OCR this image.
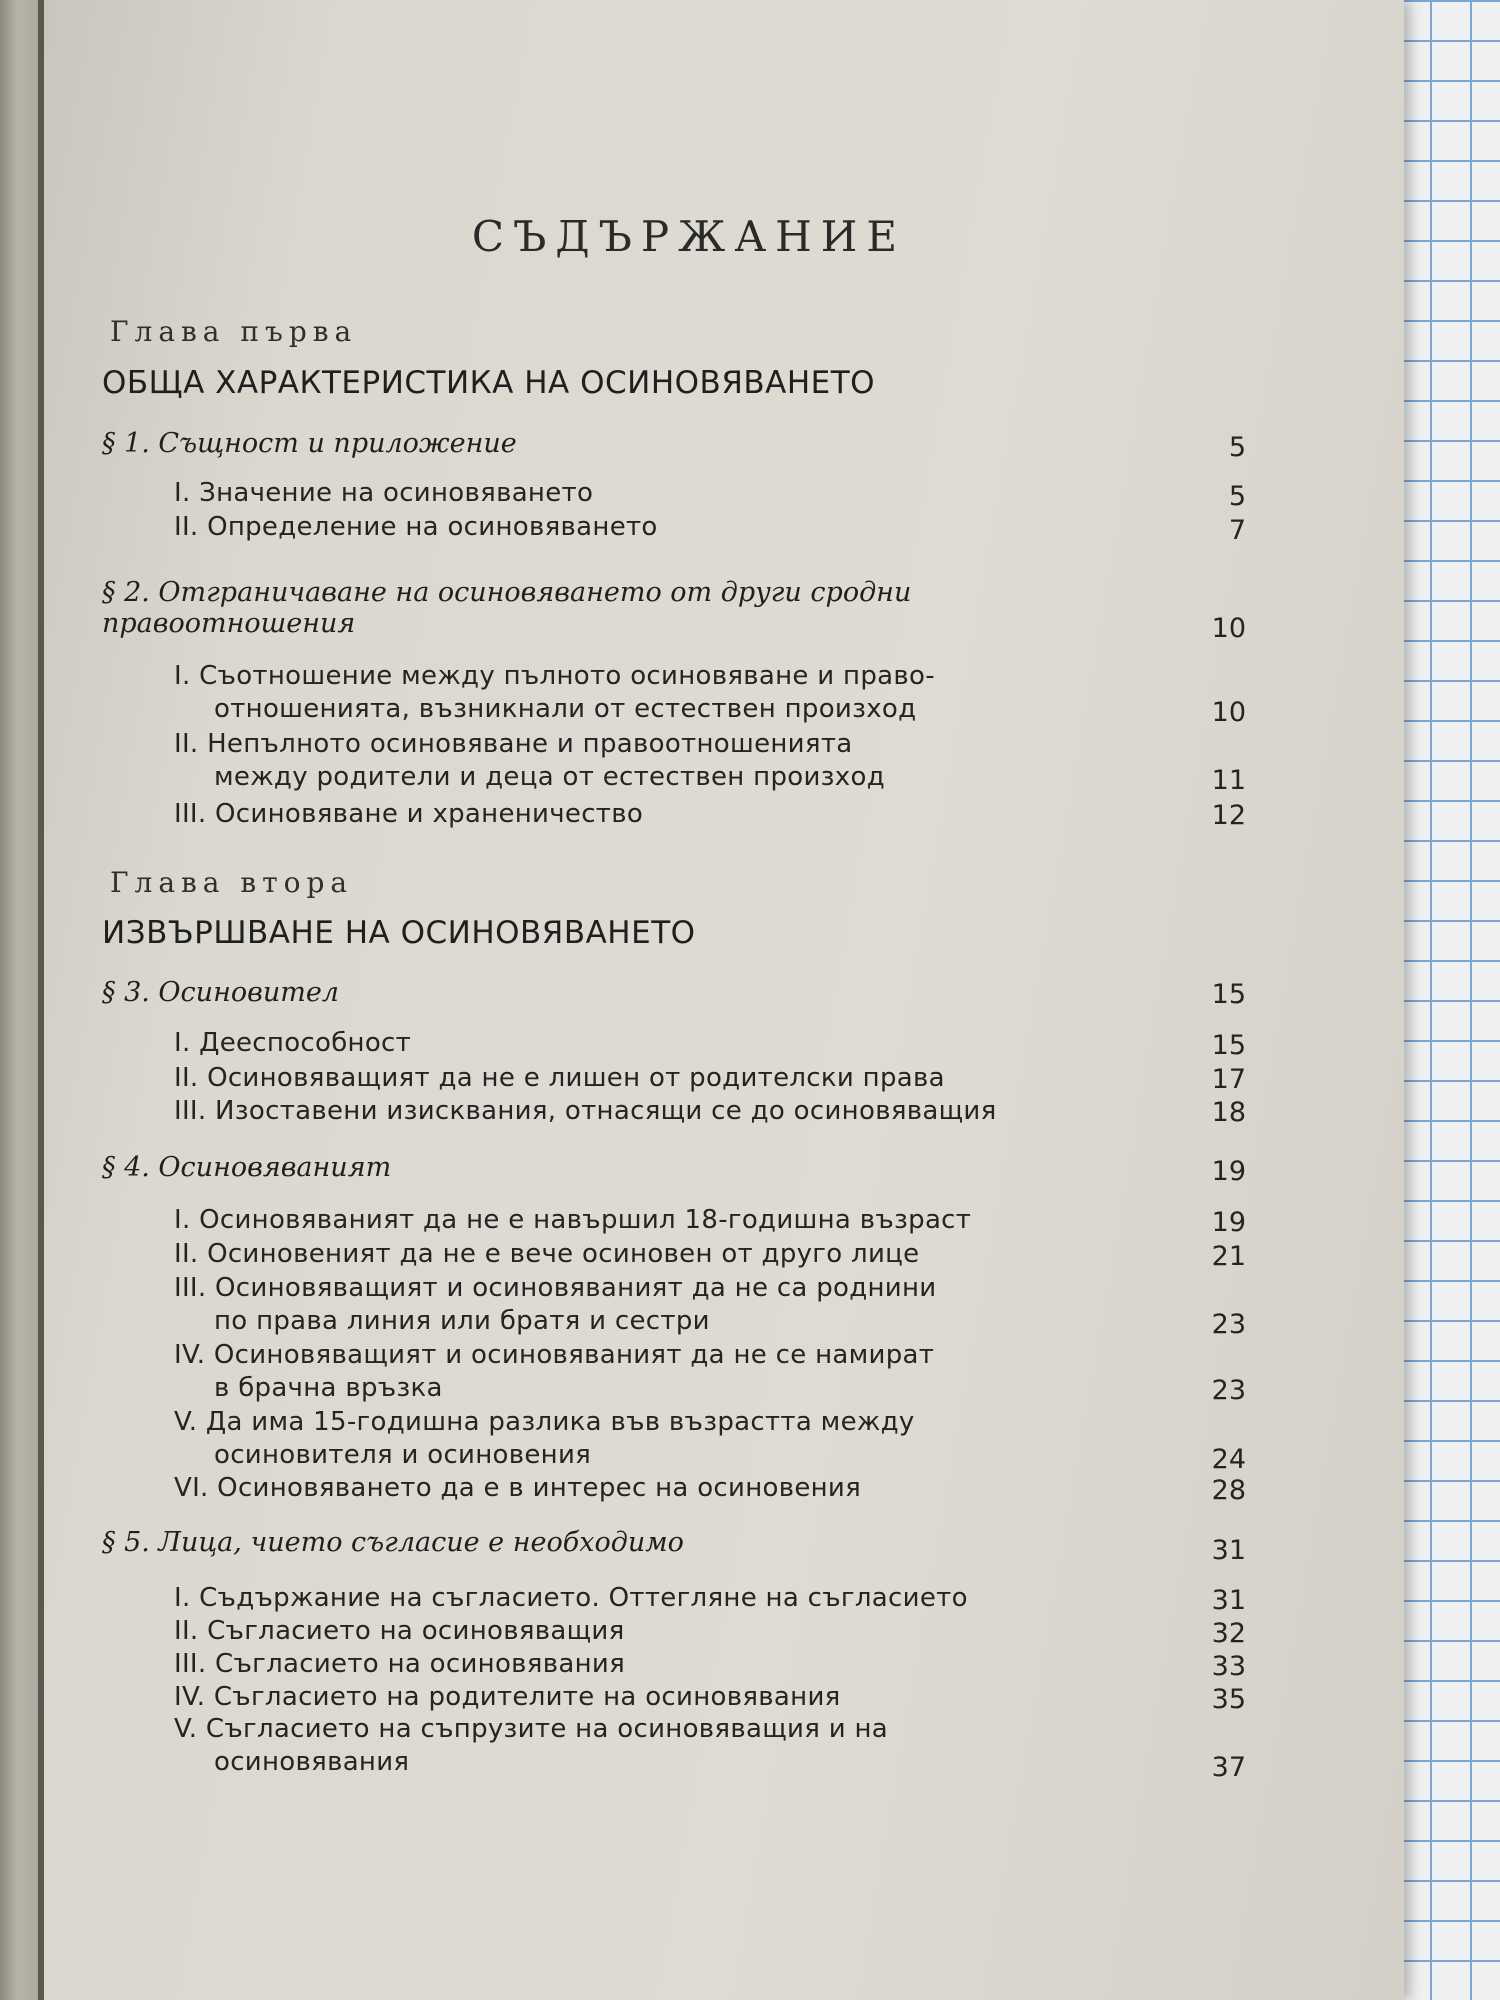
СЪДЪРЖАНИЕ
Глава първа
ОБЩА ХАРАКТЕРИСТИКА НА ОСИНОВЯВАНЕТО
§ 1. Същност и приложение	5
I. Значение на осиновяването	5
II. Определение на осиновяването	7
§ 2. Отграничаване на осиновяването от други сродни правоотношения	10
I. Съотношение между пълното осиновяване и право-
отношенията, възникнали от естествен произход	10
II. Непълното осиновяване и правоотношенията
между родители и деца от естествен произход	11
III. Осиновяване и храненичество	12
Глава втора
ИЗВЪРШВАНЕ НА ОСИНОВЯВАНЕТО
§ 3. Осиновител	15
I. Дееспособност	15
II. Осиновяващият да не е лишен от родителски права	17
III. Изоставени изисквания, отнасящи се до осиновяващия	18
§ 4. Осиновяваният	19
I. Осиновяваният да не е навършил 18-годишна възраст	19
II. Осиновеният да не е вече осиновен от друго лице	21
III. Осиновяващият и осиновяваният да не са роднини
по права линия или братя и сестри	23
IV. Осиновяващият и осиновяваният да не се намират
в брачна връзка	23
V. Да има 15-годишна разлика във възрастта между
осиновителя и осиновения	24
VI. Осиновяването да е в интерес на осиновения	28
§ 5. Лица, чието съгласие е необходимо	31
I. Съдържание на съгласието. Оттегляне на съгласието	31
II. Съгласието на осиновяващия	32
III. Съгласието на осиновявания	33
IV. Съгласието на родителите на осиновявания	35
V. Съгласието на съпрузите на осиновяващия и на
осиновявания	37
